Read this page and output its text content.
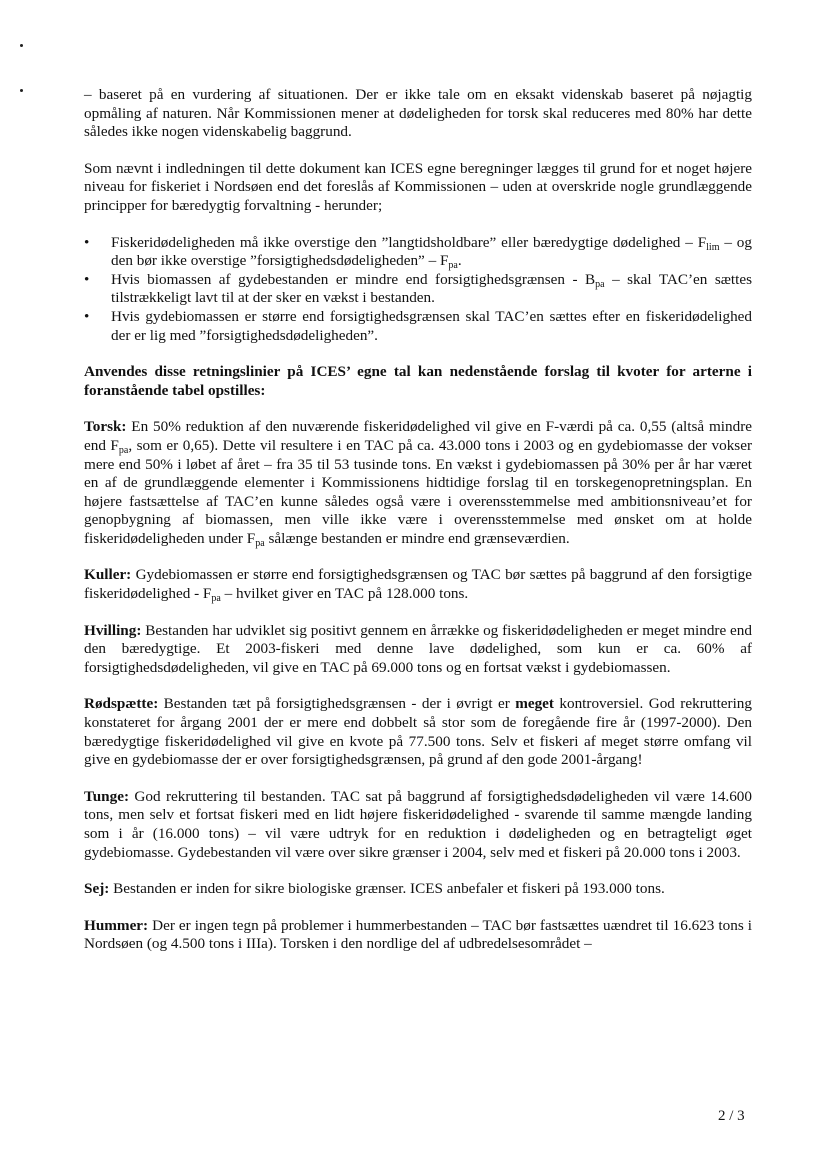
– baseret på en vurdering af situationen. Der er ikke tale om en eksakt videnskab baseret på nøjagtig opmåling af naturen. Når Kommissionen mener at dødeligheden for torsk skal reduceres med 80% har dette således ikke nogen videnskabelig baggrund.

Som nævnt i indledningen til dette dokument kan ICES egne beregninger lægges til grund for et noget højere niveau for fiskeriet i Nordsøen end det foreslås af Kommissionen – uden at overskride nogle grundlæggende principper for bæredygtig forvaltning - herunder;

• Fiskeridødeligheden må ikke overstige den ”langtidsholdbare” eller bæredygtige dødelighed – $F_{lim}$ – og den bør ikke overstige ”forsigtighedsdødeligheden” – $F_{pa}$.
• Hvis biomassen af gydebestanden er mindre end forsigtighedsgrænsen - $B_{pa}$ – skal TAC’en sættes tilstrækkeligt lavt til at der sker en vækst i bestanden.
• Hvis gydebiomassen er større end forsigtighedsgrænsen skal TAC’en sættes efter en fiskeridødelighed der er lig med ”forsigtighedsdødeligheden”.

Anvendes disse retningslinier på ICES’ egne tal kan nedenstående forslag til kvoter for arterne i foranstående tabel opstilles:

Torsk: En 50% reduktion af den nuværende fiskeridødelighed vil give en F-værdi på ca. 0,55 (altså mindre end $F_{pa}$, som er 0,65). Dette vil resultere i en TAC på ca. 43.000 tons i 2003 og en gydebiomasse der vokser mere end 50% i løbet af året – fra 35 til 53 tusinde tons. En vækst i gydebiomassen på 30% per år har været en af de grundlæggende elementer i Kommissionens hidtidige forslag til en torskegenopretningsplan. En højere fastsættelse af TAC’en kunne således også være i overensstemmelse med ambitionsniveau’et for genopbygning af biomassen, men ville ikke være i overensstemmelse med ønsket om at holde fiskeridødeligheden under $F_{pa}$ sålænge bestanden er mindre end grænseværdien.

Kuller: Gydebiomassen er større end forsigtighedsgrænsen og TAC bør sættes på baggrund af den forsigtige fiskeridødelighed - $F_{pa}$ – hvilket giver en TAC på 128.000 tons.

Hvilling: Bestanden har udviklet sig positivt gennem en årrække og fiskeridødeligheden er meget mindre end den bæredygtige. Et 2003-fiskeri med denne lave dødelighed, som kun er ca. 60% af forsigtighedsdødeligheden, vil give en TAC på 69.000 tons og en fortsat vækst i gydebiomassen.

Rødspætte: Bestanden tæt på forsigtighedsgrænsen - der i øvrigt er meget kontroversiel. God rekruttering konstateret for årgang 2001 der er mere end dobbelt så stor som de foregående fire år (1997-2000). Den bæredygtige fiskeridødelighed vil give en kvote på 77.500 tons. Selv et fiskeri af meget større omfang vil give en gydebiomasse der er over forsigtighedsgrænsen, på grund af den gode 2001-årgang!

Tunge: God rekruttering til bestanden. TAC sat på baggrund af forsigtighedsdødeligheden vil være 14.600 tons, men selv et fortsat fiskeri med en lidt højere fiskeridødelighed - svarende til samme mængde landing som i år (16.000 tons) – vil være udtryk for en reduktion i dødeligheden og en betragteligt øget gydebiomasse. Gydebestanden vil være over sikre grænser i 2004, selv med et fiskeri på 20.000 tons i 2003.

Sej: Bestanden er inden for sikre biologiske grænser. ICES anbefaler et fiskeri på 193.000 tons.

Hummer: Der er ingen tegn på problemer i hummerbestanden – TAC bør fastsættes uændret til 16.623 tons i Nordsøen (og 4.500 tons i IIIa). Torsken i den nordlige del af udbredelsesområdet –

2 / 3
